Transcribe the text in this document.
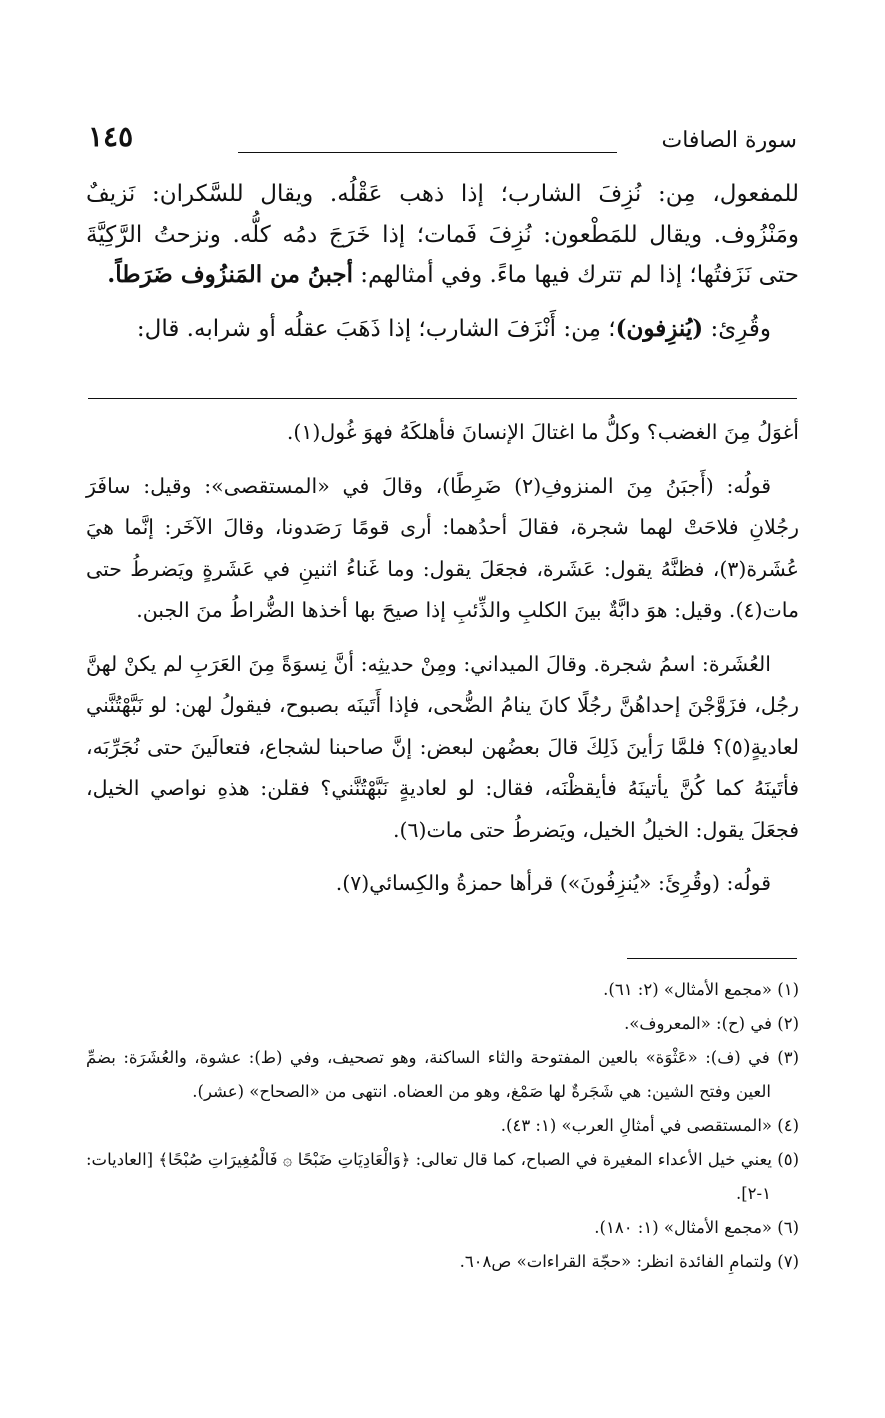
سورة الصافات
١٤٥

للمفعول، مِن: نُزِفَ الشارب؛ إذا ذهب عَقْلُه. ويقال للسَّكران: نَزيفٌ ومَنْزُوف. ويقال للمَطْعون: نُزِفَ فَمات؛ إذا خَرَجَ دمُه كلُّه. ونزحتُ الرَّكِيَّةَ حتى نَزَفتُها؛ إذا لم تترك فيها ماءً. وفي أمثالهم: أجبنُ من المَنزُوف ضَرَطاً.

وقُرِئ: (يُنزِفون)؛ مِن: أَنْزَفَ الشارب؛ إذا ذَهَبَ عقلُه أو شرابه. قال:

أغوَلُ مِنَ الغضب؟ وكلُّ ما اغتالَ الإنسانَ فأهلكَهُ فهوَ غُول(١).

قولُه: (أَجبَنُ مِنَ المنزوفِ(٢) ضَرِطًا)، وقالَ في «المستقصى»: وقيل: سافَرَ رجُلانِ فلاحَتْ لهما شجرة، فقالَ أحدُهما: أرى قومًا رَصَدونا، وقالَ الآخَر: إنَّما هيَ عُشَرة(٣)، فظنَّهُ يقول: عَشَرة، فجعَلَ يقول: وما غَناءُ اثنينِ في عَشَرةٍ ويَضرطُ حتى مات(٤). وقيل: هوَ دابَّةٌ بينَ الكلبِ والذِّئبِ إذا صيحَ بها أخذها الضُّراطُ منَ الجبن.

العُشَرة: اسمُ شجرة. وقالَ الميداني: ومِنْ حديثِه: أنَّ نِسوَةً مِنَ العَرَبِ لم يكنْ لهنَّ رجُل، فزَوَّجْنَ إحداهُنَّ رجُلًا كانَ ينامُ الضُّحى، فإذا أَتَينَه بصبوح، فيقولُ لهن: لو نَبَّهْتُنَّني لعاديةٍ(٥)؟ فلمَّا رَأينَ ذَلِكَ قالَ بعضُهن لبعض: إنَّ صاحبنا لشجاع، فتعالَينَ حتى نُجَرِّبَه، فأتَينَهُ كما كُنَّ يأتينَهُ فأيقظْنَه، فقال: لو لعاديةٍ نَبَّهْتُنَّني؟ فقلن: هذهِ نواصي الخيل، فجعَلَ يقول: الخيلُ الخيل، ويَضرطُ حتى مات(٦).

قولُه: (وقُرِئَ: «يُنزِفُونَ») قرأها حمزةُ والكِسائي(٧).

(١) «مجمع الأمثال» (٢: ٦١).

(٢) في (ح): «المعروف».

(٣) في (ف): «عَثْوَة» بالعين المفتوحة والثاء الساكنة، وهو تصحيف، وفي (ط): عشوة، والعُشَرَة: بضمِّ العين وفتح الشين: هي شَجَرةٌ لها صَمْغ، وهو من العضاه. انتهى من «الصحاح» (عشر).

(٤) «المستقصى في أمثالِ العرب» (١: ٤٣).

(٥) يعني خيل الأعداء المغيرة في الصباح، كما قال تعالى: ﴿وَالْعَادِيَاتِ ضَبْحًا ۞ فَالْمُغِيرَاتِ صُبْحًا﴾ [العاديات: ١-٢].

(٦) «مجمع الأمثال» (١: ١٨٠).

(٧) ولتمامِ الفائدة انظر: «حجّة القراءات» ص٦٠٨.
